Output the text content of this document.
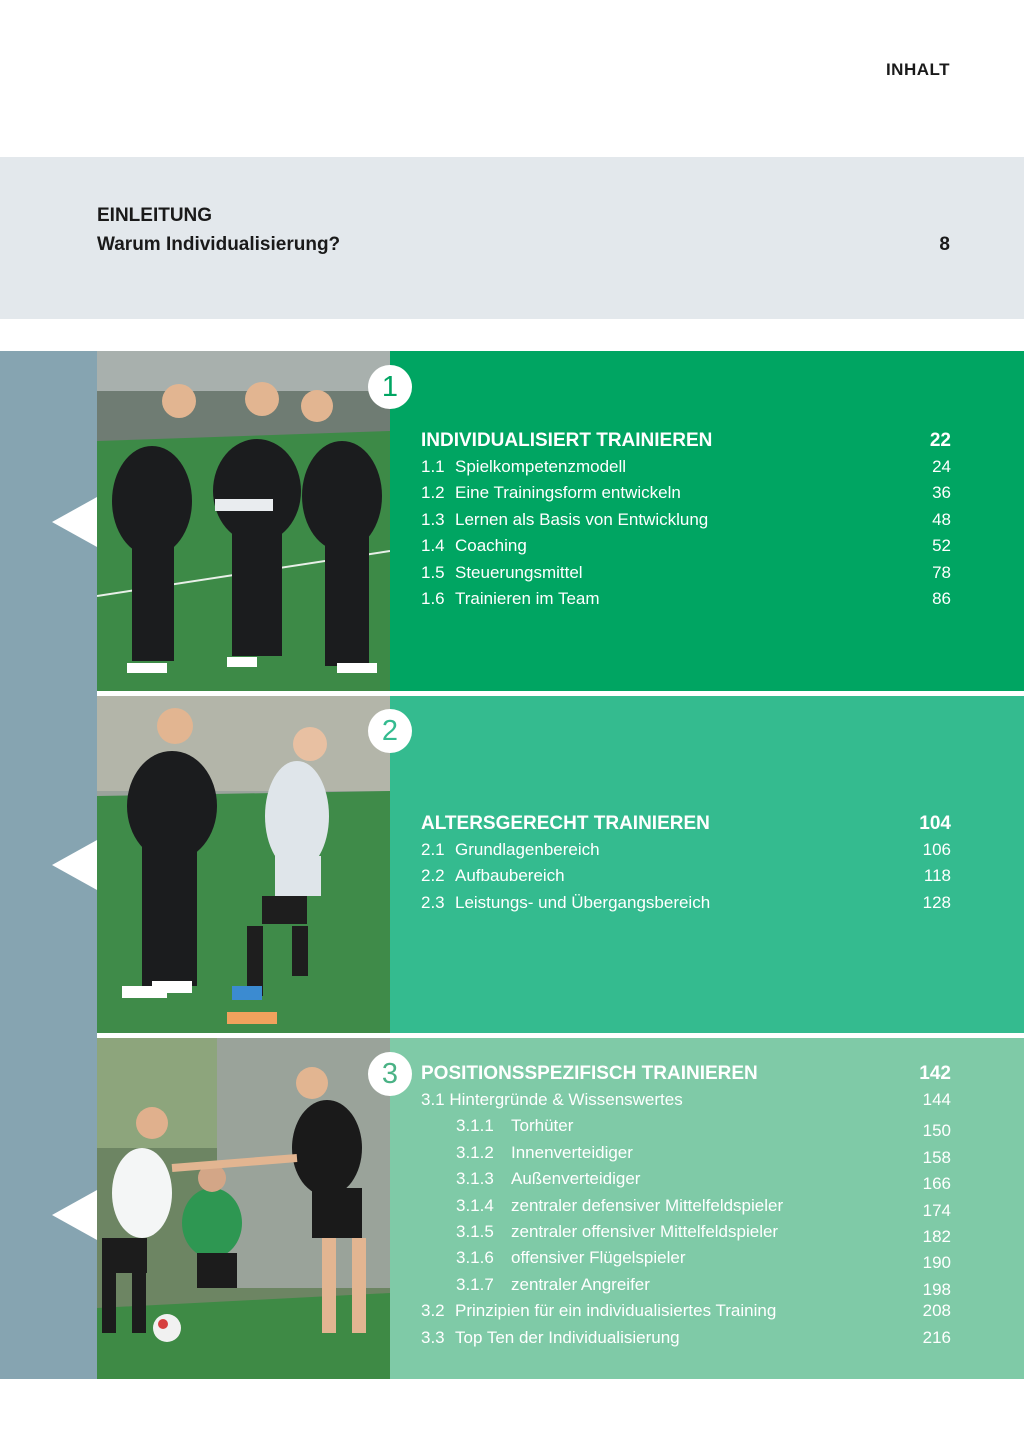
INHALT
EINLEITUNG
Warum Individualisierung?	8
1
2
3
INDIVIDUALISIERT TRAINIEREN	22
1.1 Spielkompetenzmodell	24
1.2 Eine Trainingsform entwickeln	36
1.3 Lernen als Basis von Entwicklung	48
1.4 Coaching	52
1.5 Steuerungsmittel	78
1.6 Trainieren im Team	86
ALTERSGERECHT TRAINIEREN	104
2.1 Grundlagenbereich	106
2.2 Aufbaubereich	118
2.3 Leistungs- und Übergangsbereich	128
POSITIONSSPEZIFISCH TRAINIEREN	142
3.1 Hintergründe & Wissenswertes	144
3.1.1	Torhüter	150
3.1.2	Innenverteidiger	158
3.1.3	Außenverteidiger	166
3.1.4	zentraler defensiver Mittelfeldspieler	174
3.1.5	zentraler offensiver Mittelfeldspieler	182
3.1.6	offensiver Flügelspieler	190
3.1.7	zentraler Angreifer	198
3.2 Prinzipien für ein individualisiertes Training	208
3.3 Top Ten der Individualisierung	216
